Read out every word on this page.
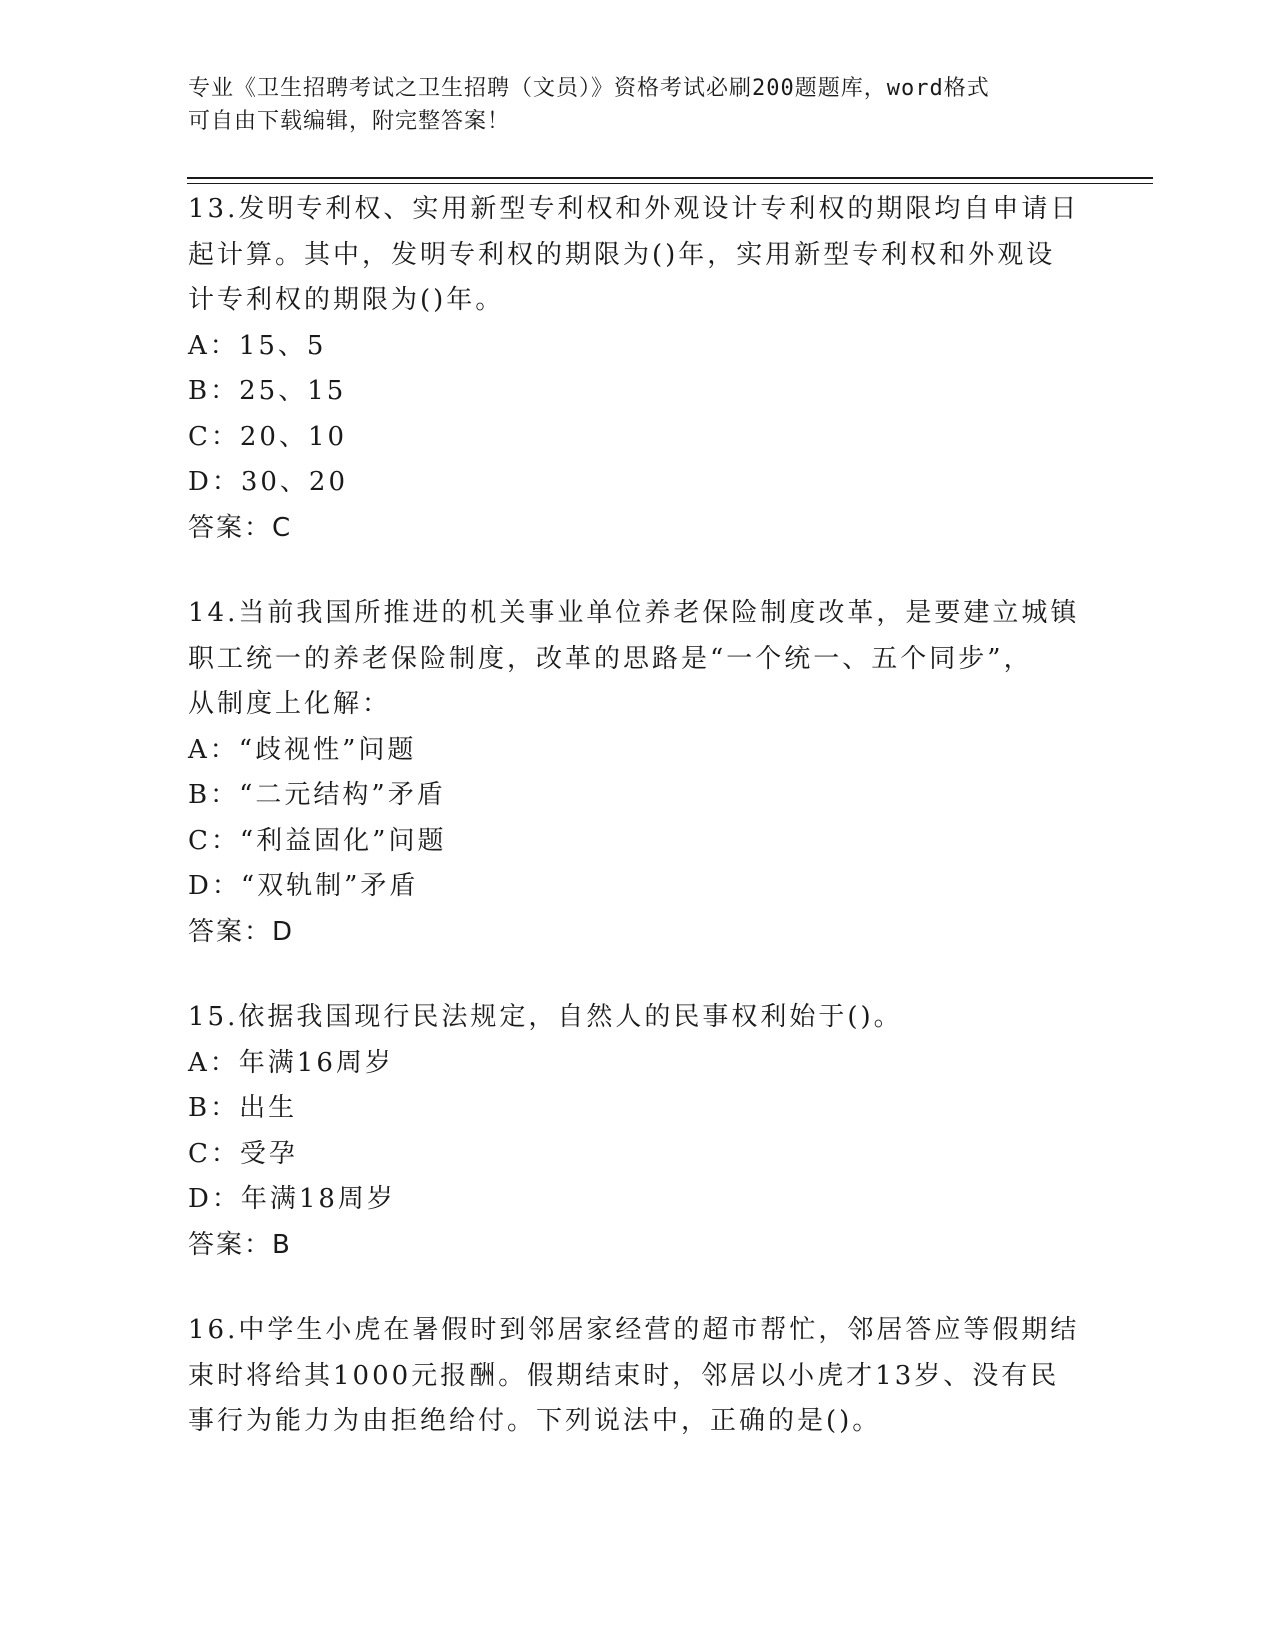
专业《卫生招聘考试之卫生招聘（文员）》资格考试必刷200题题库，word格式
可自由下载编辑，附完整答案！
13.发明专利权、实用新型专利权和外观设计专利权的期限均自申请日
起计算。其中，发明专利权的期限为()年，实用新型专利权和外观设
计专利权的期限为()年。
A：15、5
B：25、15
C：20、10
D：30、20
答案：C
14.当前我国所推进的机关事业单位养老保险制度改革，是要建立城镇
职工统一的养老保险制度，改革的思路是“一个统一、五个同步”，
从制度上化解：
A：“歧视性”问题
B：“二元结构”矛盾
C：“利益固化”问题
D：“双轨制”矛盾
答案：D
15.依据我国现行民法规定，自然人的民事权利始于()。
A：年满16周岁
B：出生
C：受孕
D：年满18周岁
答案：B
16.中学生小虎在暑假时到邻居家经营的超市帮忙，邻居答应等假期结
束时将给其1000元报酬。假期结束时，邻居以小虎才13岁、没有民
事行为能力为由拒绝给付。下列说法中，正确的是()。
